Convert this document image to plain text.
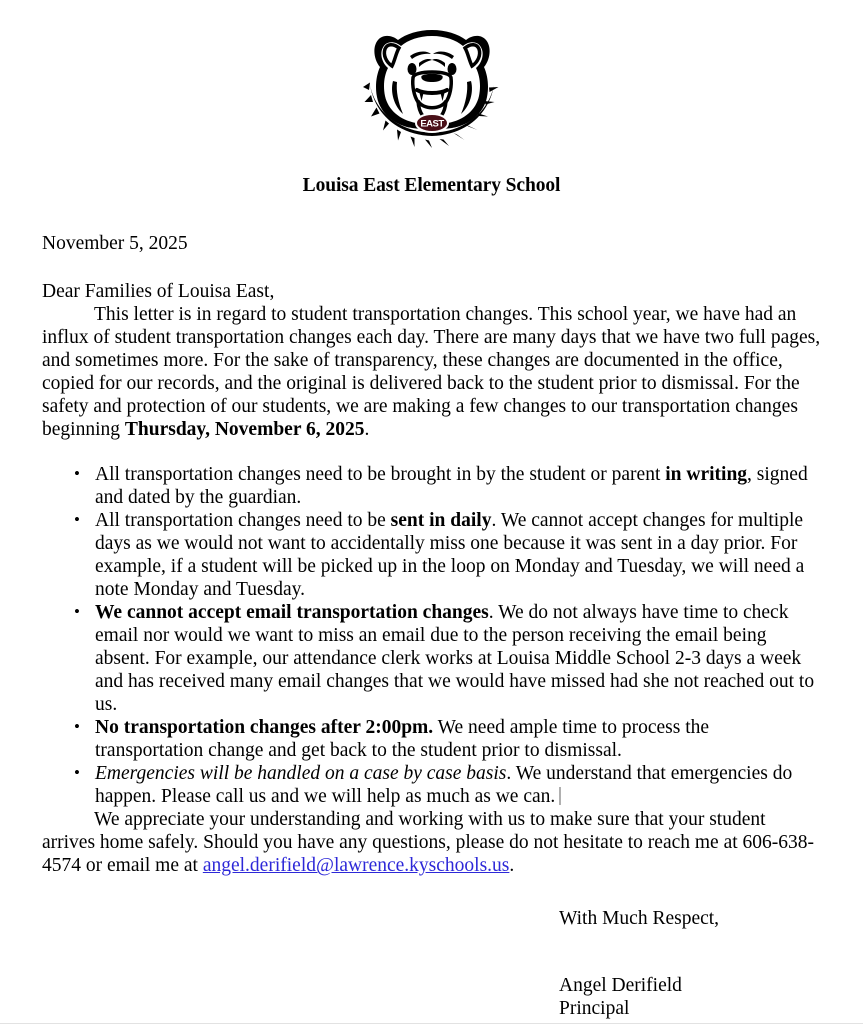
EAST
Louisa East Elementary School
November 5, 2025
Dear Families of Louisa East,

This letter is in regard to student transportation changes. This school year, we have had an influx of student transportation changes each day. There are many days that we have two full pages, and sometimes more. For the sake of transparency, these changes are documented in the office, copied for our records, and the original is delivered back to the student prior to dismissal. For the safety and protection of our students, we are making a few changes to our transportation changes beginning Thursday, November 6, 2025.

• All transportation changes need to be brought in by the student or parent in writing, signed and dated by the guardian.
• All transportation changes need to be sent in daily. We cannot accept changes for multiple days as we would not want to accidentally miss one because it was sent in a day prior. For example, if a student will be picked up in the loop on Monday and Tuesday, we will need a note Monday and Tuesday.
• We cannot accept email transportation changes. We do not always have time to check email nor would we want to miss an email due to the person receiving the email being absent. For example, our attendance clerk works at Louisa Middle School 2-3 days a week and has received many email changes that we would have missed had she not reached out to us.
• No transportation changes after 2:00pm. We need ample time to process the transportation change and get back to the student prior to dismissal.
• Emergencies will be handled on a case by case basis. We understand that emergencies do happen. Please call us and we will help as much as we can.

We appreciate your understanding and working with us to make sure that your student arrives home safely. Should you have any questions, please do not hesitate to reach me at 606-638-4574 or email me at angel.derifield@lawrence.kyschools.us.

With Much Respect,
Angel Derifield
Principal
